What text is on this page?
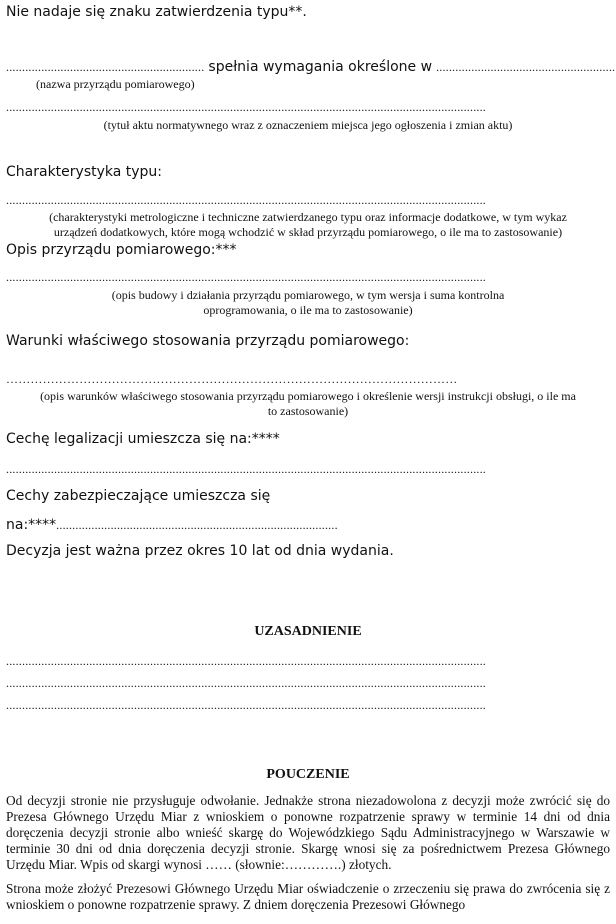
Nie nadaje się znaku zatwierdzenia typu**.
.............................................................. spełnia wymagania określone w ........................................................
(nazwa przyrządu pomiarowego)
......................................................................................................................................................
(tytuł aktu normatywnego wraz z oznaczeniem miejsca jego ogłoszenia i zmian aktu)
Charakterystyka typu:
......................................................................................................................................................
(charakterystyki metrologiczne i techniczne zatwierdzanego typu oraz informacje dodatkowe, w tym wykaz
urządzeń dodatkowych, które mogą wchodzić w skład przyrządu pomiarowego, o ile ma to zastosowanie)
Opis przyrządu pomiarowego:***
......................................................................................................................................................
(opis budowy i działania przyrządu pomiarowego, w tym wersja i suma kontrolna
oprogramowania, o ile ma to zastosowanie)
Warunki właściwego stosowania przyrządu pomiarowego:
…………………………………………………………………………………………………
(opis warunków właściwego stosowania przyrządu pomiarowego i określenie wersji instrukcji obsługi, o ile ma
to zastosowanie)
Cechę legalizacji umieszcza się na:****
......................................................................................................................................................
Cechy zabezpieczające umieszcza się
na:****........................................................................................
Decyzja jest ważna przez okres 10 lat od dnia wydania.
UZASADNIENIE
......................................................................................................................................................
......................................................................................................................................................
......................................................................................................................................................
POUCZENIE
Od decyzji stronie nie przysługuje odwołanie. Jednakże strona niezadowolona z decyzji może zwrócić się do Prezesa Głównego Urzędu Miar z wnioskiem o ponowne rozpatrzenie sprawy w terminie 14 dni od dnia doręczenia decyzji stronie albo wnieść skargę do Wojewódzkiego Sądu Administracyjnego w Warszawie w terminie 30 dni od dnia doręczenia decyzji stronie. Skargę wnosi się za pośrednictwem Prezesa Głównego Urzędu Miar. Wpis od skargi wynosi …… (słownie:………….) złotych.
Strona może złożyć Prezesowi Głównego Urzędu Miar oświadczenie o zrzeczeniu się prawa do zwrócenia się z wnioskiem o ponowne rozpatrzenie sprawy. Z dniem doręczenia Prezesowi Głównego
